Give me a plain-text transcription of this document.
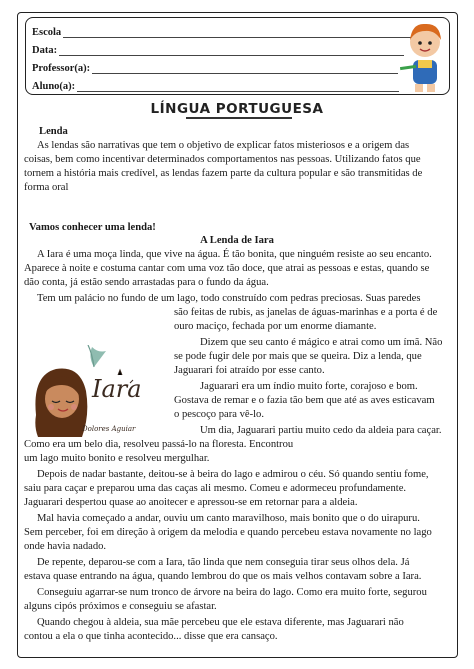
Escola
Data:
Professor(a):
Aluno(a):
LÍNGUA PORTUGUESA
Lenda
As lendas são narrativas que tem o objetivo de explicar fatos misteriosos e a origem das
coisas, bem como incentivar determinados comportamentos nas pessoas. Utilizando fatos que
tornem a história mais credível, as lendas fazem parte da cultura popular e são transmitidas de
forma oral
Vamos conhecer uma lenda!
A Lenda de Iara
A Iara é uma moça linda, que vive na água. É tão bonita, que ninguém resiste ao seu encanto.
Aparece à noite e costuma cantar com uma voz tão doce, que atrai as pessoas e estas, quando se
dão conta, já estão sendo arrastadas para o fundo da água.
Tem um palácio no fundo de um lago, todo construído com pedras preciosas. Suas paredes
são feitas de rubis, as janelas de águas-marinhas e a porta é de
ouro maciço, fechada por um enorme diamante.
Dizem que seu canto é mágico e atrai como um ímã. Não
se pode fugir dele por mais que se queira. Diz a lenda, que
Jaguarari foi atraído por esse canto.
Jaguarari era um índio muito forte, corajoso e bom.
Gostava de remar e o fazia tão bem que até as aves esticavam
o pescoço para vê-lo.
Um dia, Jaguarari partiu muito cedo da aldeia para caçar.
Iara
Dolores Aguiar
Como era um belo dia, resolveu passá-lo na floresta. Encontrou
um lago muito bonito e resolveu mergulhar.
Depois de nadar bastante, deitou-se à beira do lago e admirou o céu. Só quando sentiu fome,
saiu para caçar e preparou uma das caças ali mesmo. Comeu e adormeceu profundamente.
Jaguarari despertou quase ao anoitecer e apressou-se em retornar para a aldeia.
Mal havia começado a andar, ouviu um canto maravilhoso, mais bonito que o do uirapuru.
Sem perceber, foi em direção à origem da melodia e quando percebeu estava novamente no lago
onde havia nadado.
De repente, deparou-se com a Iara, tão linda que nem conseguia tirar seus olhos dela. Já
estava quase entrando na água, quando lembrou do que os mais velhos contavam sobre a Iara.
Conseguiu agarrar-se num tronco de árvore na beira do lago. Como era muito forte, segurou
alguns cipós próximos e conseguiu se afastar.
Quando chegou à aldeia, sua mãe percebeu que ele estava diferente, mas Jaguarari não
contou a ela o que tinha acontecido... disse que era cansaço.
